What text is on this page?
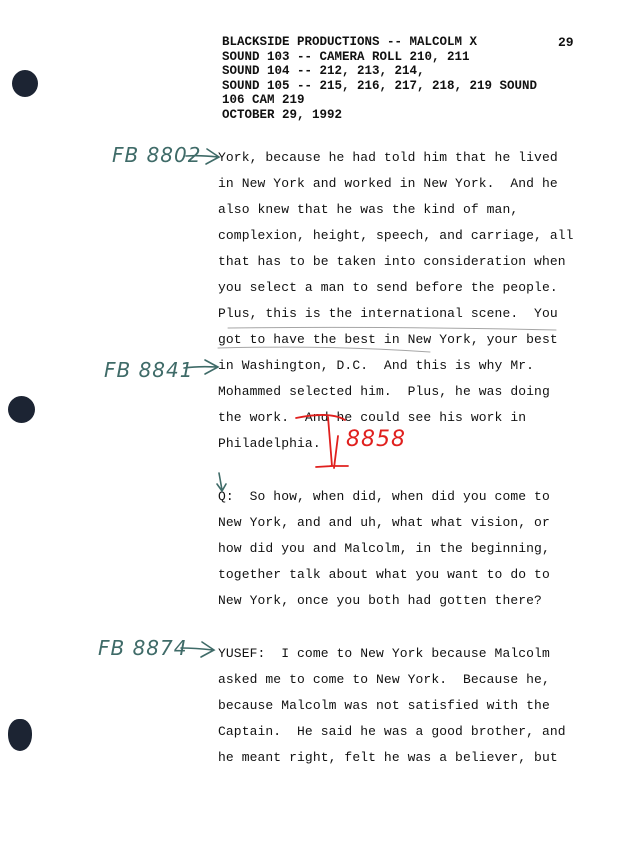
BLACKSIDE PRODUCTIONS -- MALCOLM X
SOUND 103 -- CAMERA ROLL 210, 211
SOUND 104 -- 212, 213, 214,
SOUND 105 -- 215, 216, 217, 218, 219 SOUND
106 CAM 219
OCTOBER 29, 1992
29
York, because he had told him that he lived
in New York and worked in New York.  And he
also knew that he was the kind of man,
complexion, height, speech, and carriage, all
that has to be taken into consideration when
you select a man to send before the people.
Plus, this is the international scene.  You
got to have the best in New York, your best
in Washington, D.C.  And this is why Mr.
Mohammed selected him.  Plus, he was doing
the work.  And he could see his work in
Philadelphia.
Q:  So how, when did, when did you come to
New York, and and uh, what what vision, or
how did you and Malcolm, in the beginning,
together talk about what you want to do to
New York, once you both had gotten there?
YUSEF:  I come to New York because Malcolm
asked me to come to New York.  Because he,
because Malcolm was not satisfied with the
Captain.  He said he was a good brother, and
he meant right, felt he was a believer, but
FB 8802
FB 8841
FB 8874
8858
